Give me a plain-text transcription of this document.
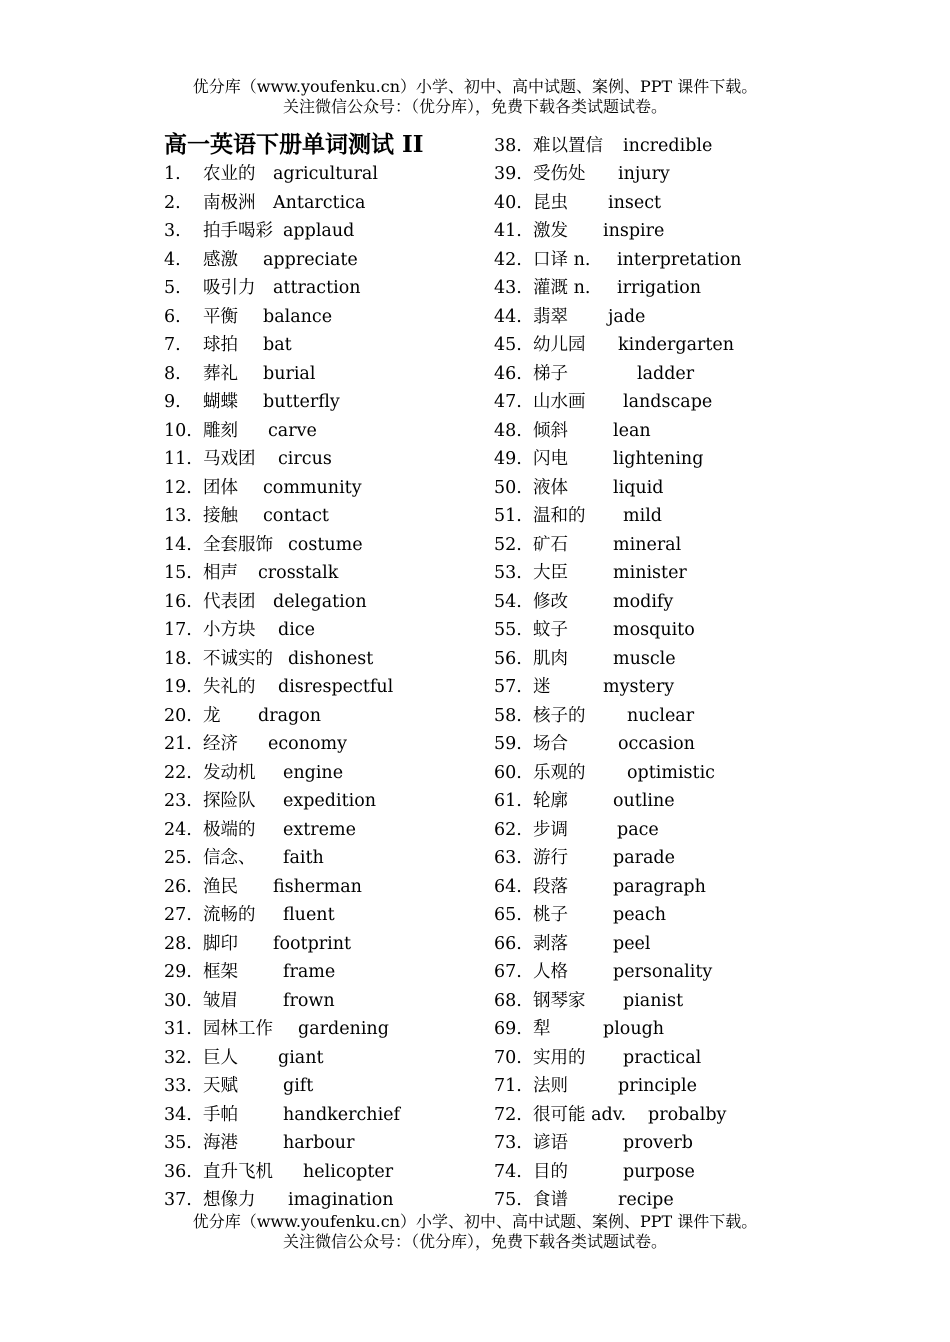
优分库（www.youfenku.cn）小学、初中、高中试题、案例、PPT 课件下载。
关注微信公众号：（优分库），免费下载各类试题试卷。
高一英语下册单词测试 II
1. 农业的 agricultural
2. 南极洲 Antarctica
3. 拍手喝彩 applaud
4. 感激 appreciate
5. 吸引力 attraction
6. 平衡 balance
7. 球拍 bat
8. 葬礼 burial
9. 蝴蝶 butterfly
10. 雕刻 carve
11. 马戏团 circus
12. 团体 community
13. 接触 contact
14. 全套服饰 costume
15. 相声 crosstalk
16. 代表团 delegation
17. 小方块 dice
18. 不诚实的 dishonest
19. 失礼的 disrespectful
20. 龙 dragon
21. 经济 economy
22. 发动机 engine
23. 探险队 expedition
24. 极端的 extreme
25. 信念、 faith
26. 渔民 fisherman
27. 流畅的 fluent
28. 脚印 footprint
29. 框架	frame
30. 皱眉	frown
31. 园林工作 gardening
32. 巨人 giant
33. 天赋	gift
34. 手帕	handkerchief
35. 海港	harbour
36. 直升飞机 helicopter
37. 想像力 imagination
38. 难以置信 incredible
39. 受伤处 injury
40. 昆虫 insect
41. 激发 inspire
42. 口译 n. interpretation
43. 灌溉 n. irrigation
44. 翡翠 jade
45. 幼儿园 kindergarten
46. 梯子	ladder
47. 山水画 landscape
48. 倾斜	lean
49. 闪电	lightening
50. 液体	liquid
51. 温和的 mild
52. 矿石	mineral
53. 大臣	minister
54. 修改	modify
55. 蚊子	mosquito
56. 肌肉	muscle
57. 迷	mystery
58. 核子的 nuclear
59. 场合	occasion
60. 乐观的 optimistic
61. 轮廓	outline
62. 步调	pace
63. 游行	parade
64. 段落	paragraph
65. 桃子	peach
66. 剥落	peel
67. 人格	personality
68. 钢琴家 pianist
69. 犁	plough
70. 实用的 practical
71. 法则	principle
72. 很可能 adv. probalby
73. 谚语	proverb
74. 目的	purpose
75. 食谱	recipe
优分库（www.youfenku.cn）小学、初中、高中试题、案例、PPT 课件下载。
关注微信公众号：（优分库），免费下载各类试题试卷。
